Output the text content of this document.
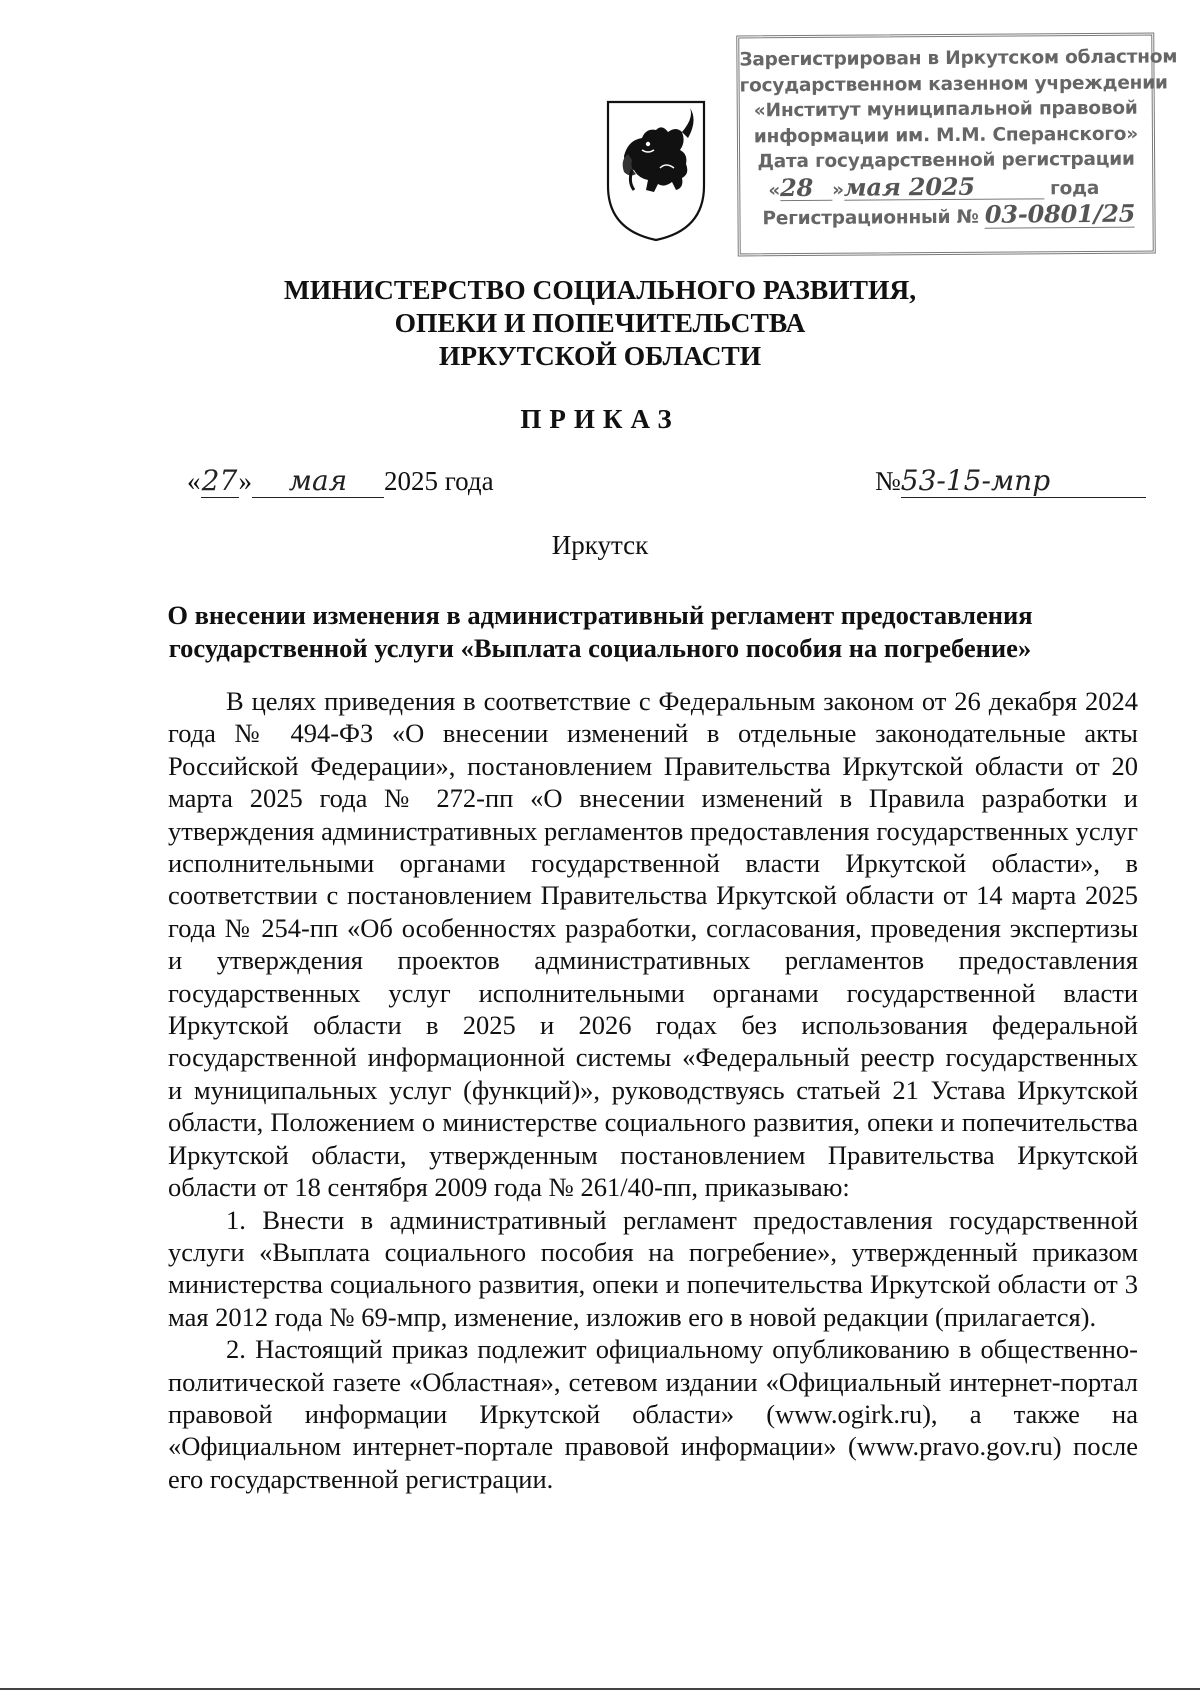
Зарегистрирован в Иркутском областном
государственном казенном учреждении
«Институт муниципальной правовой
информации им. М.М. Сперанского»
Дата государственной регистрации
«28 »мая 2025	года
Регистрационный № 03-0801/25
МИНИСТЕРСТВО СОЦИАЛЬНОГО РАЗВИТИЯ,
ОПЕКИ И ПОПЕЧИТЕЛЬСТВА
ИРКУТСКОЙ ОБЛАСТИ
ПРИКАЗ
«27» мая 2025 года	№53-15-мпр
Иркутск
О внесении изменения в административный регламент предоставления
государственной услуги «Выплата социального пособия на погребение»

В целях приведения в соответствие с Федеральным законом от 26 декабря 2024 года № 494-ФЗ «О внесении изменений в отдельные законодательные акты Российской Федерации», постановлением Правительства Иркутской области от 20 марта 2025 года № 272-пп «О внесении изменений в Правила разработки и утверждения административных регламентов предоставления государственных услуг исполнительными органами государственной власти Иркутской области», в соответствии с постановлением Правительства Иркутской области от 14 марта 2025 года № 254-пп «Об особенностях разработки, согласования, проведения экспертизы и утверждения проектов административных регламентов предоставления государственных услуг исполнительными органами государственной власти Иркутской области в 2025 и 2026 годах без использования федеральной государственной информационной системы «Федеральный реестр государственных и муниципальных услуг (функций)», руководствуясь статьей 21 Устава Иркутской области, Положением о министерстве социального развития, опеки и попечительства Иркутской области, утвержденным постановлением Правительства Иркутской области от 18 сентября 2009 года № 261/40-пп, приказываю:

1. Внести в административный регламент предоставления государственной услуги «Выплата социального пособия на погребение», утвержденный приказом министерства социального развития, опеки и попечительства Иркутской области от 3 мая 2012 года № 69-мпр, изменение, изложив его в новой редакции (прилагается).

2. Настоящий приказ подлежит официальному опубликованию в общественно-политической газете «Областная», сетевом издании «Официальный интернет-портал правовой информации Иркутской области» (www.ogirk.ru), а также на «Официальном интернет-портале правовой информации» (www.pravo.gov.ru) после его государственной регистрации.
